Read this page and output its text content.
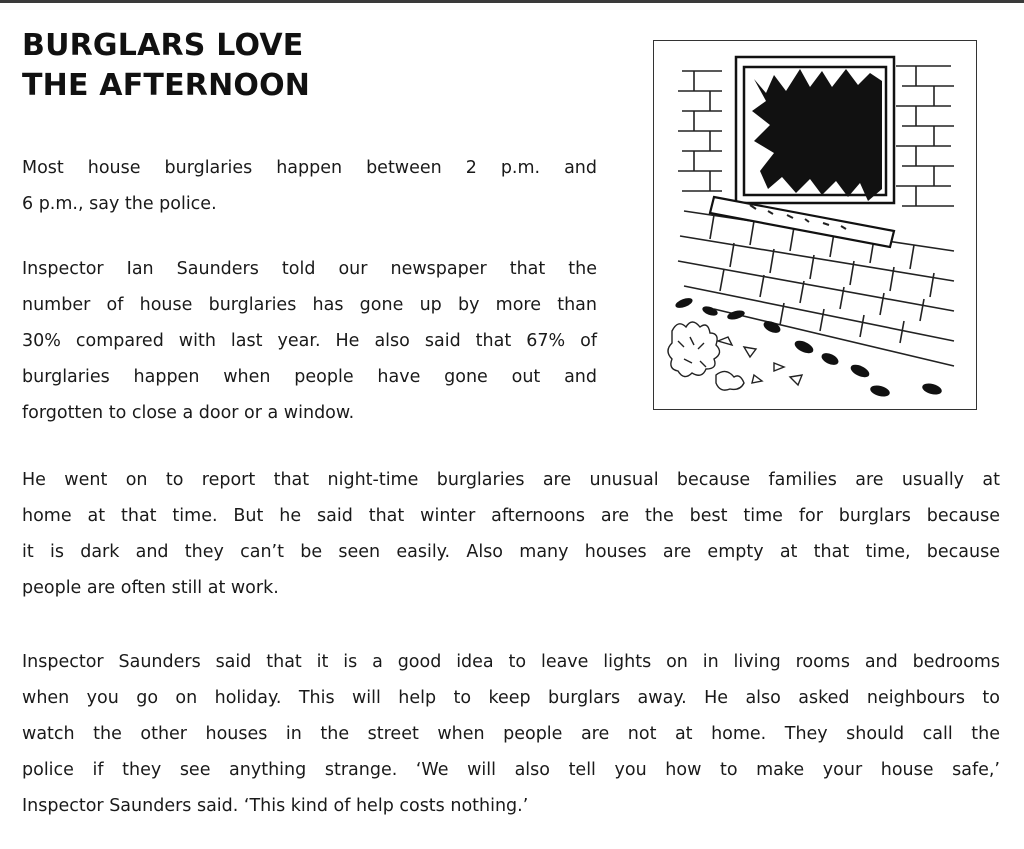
BURGLARS LOVE
THE AFTERNOON

Most house burglaries happen between 2 p.m. and
6 p.m., say the police.

Inspector Ian Saunders told our newspaper that the
number of house burglaries has gone up by more than
30% compared with last year. He also said that 67% of
burglaries happen when people have gone out and
forgotten to close a door or a window.

He went on to report that night-time burglaries are unusual because families are usually at
home at that time. But he said that winter afternoons are the best time for burglars because
it is dark and they can’t be seen easily. Also many houses are empty at that time, because
people are often still at work.

Inspector Saunders said that it is a good idea to leave lights on in living rooms and bedrooms
when you go on holiday. This will help to keep burglars away. He also asked neighbours to
watch the other houses in the street when people are not at home. They should call the
police if they see anything strange. ‘We will also tell you how to make your house safe,’
Inspector Saunders said. ‘This kind of help costs nothing.’
